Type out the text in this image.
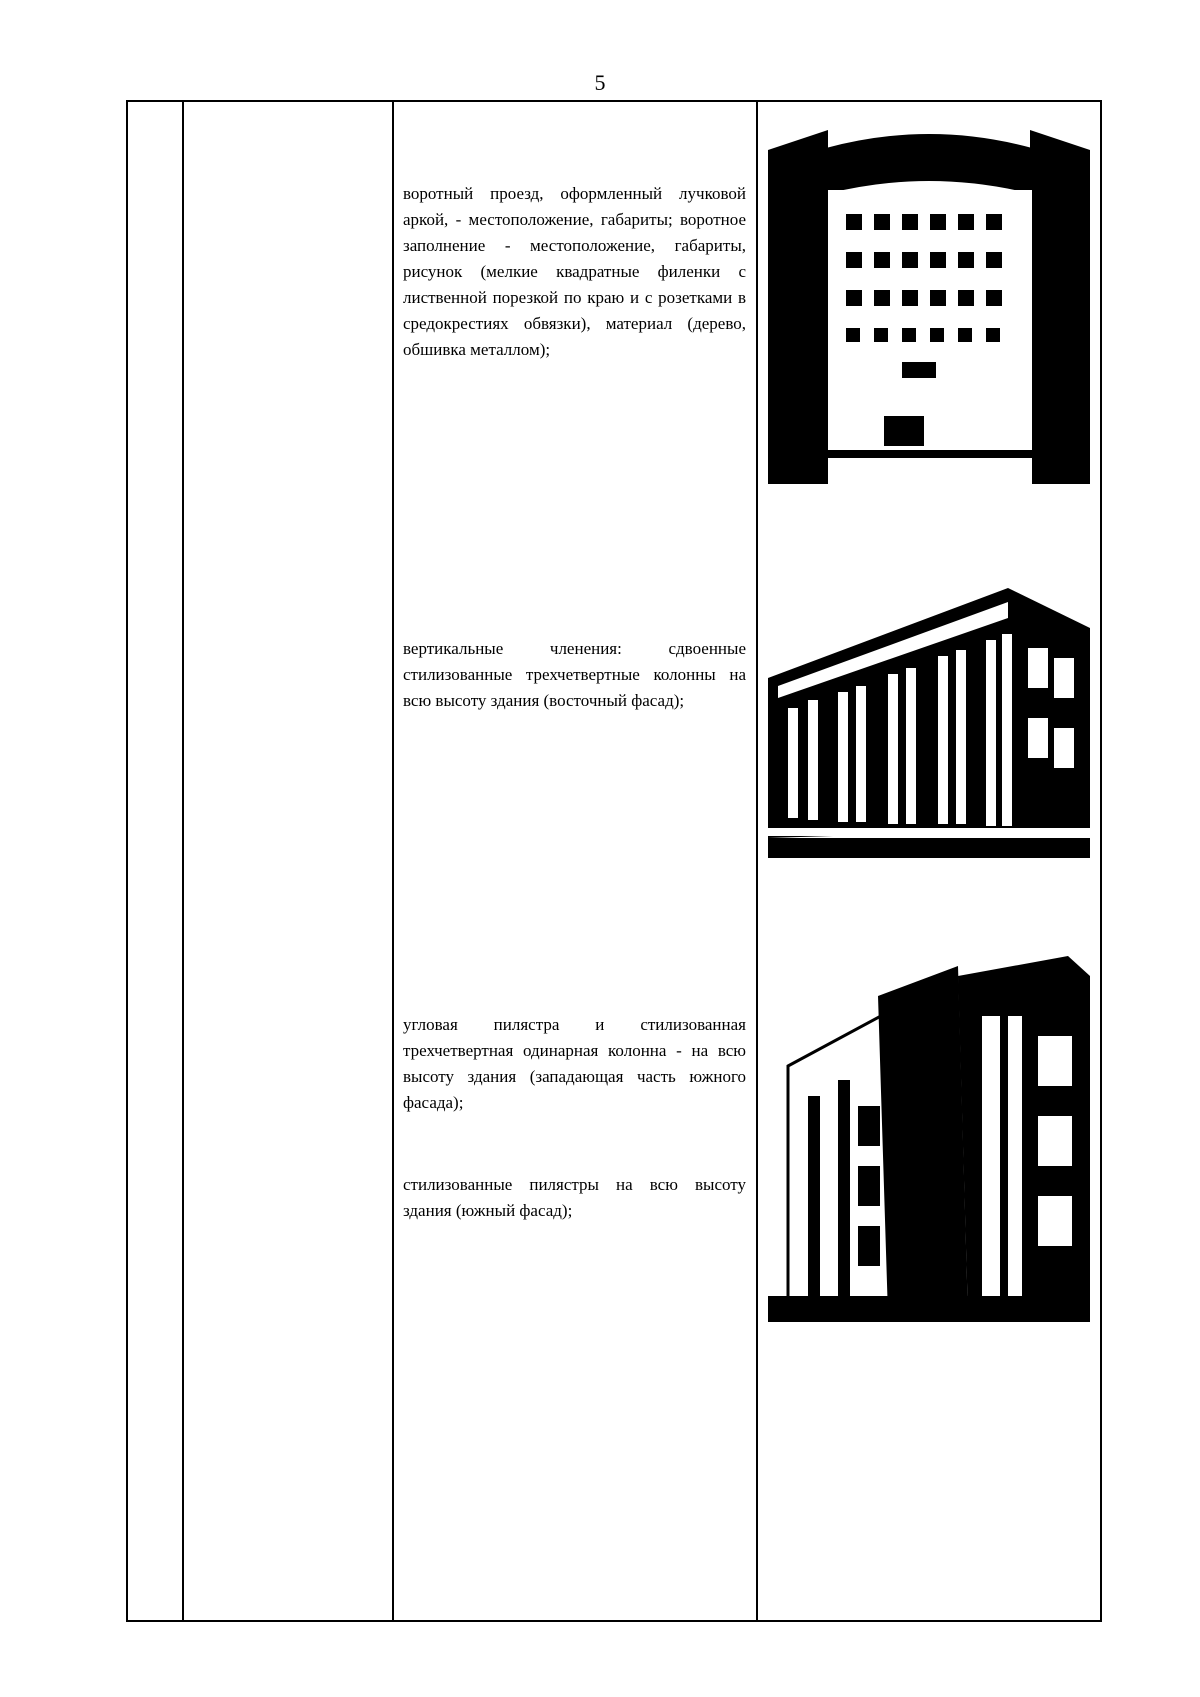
5
воротный проезд, оформленный лучковой аркой, - местоположение, габариты; воротное заполнение - местоположение, габариты, рисунок (мелкие квадратные филенки с лиственной порезкой по краю и с розетками в средокрестиях обвязки), материал (дерево, обшивка металлом);
вертикальные членения: сдвоенные стилизованные трехчетвертные колонны на всю высоту здания (восточный фасад);
угловая пилястра и стилизованная трехчетвертная одинарная колонна - на всю высоту здания (западающая часть южного фасада);
стилизованные пилястры на всю высоту здания (южный фасад);
